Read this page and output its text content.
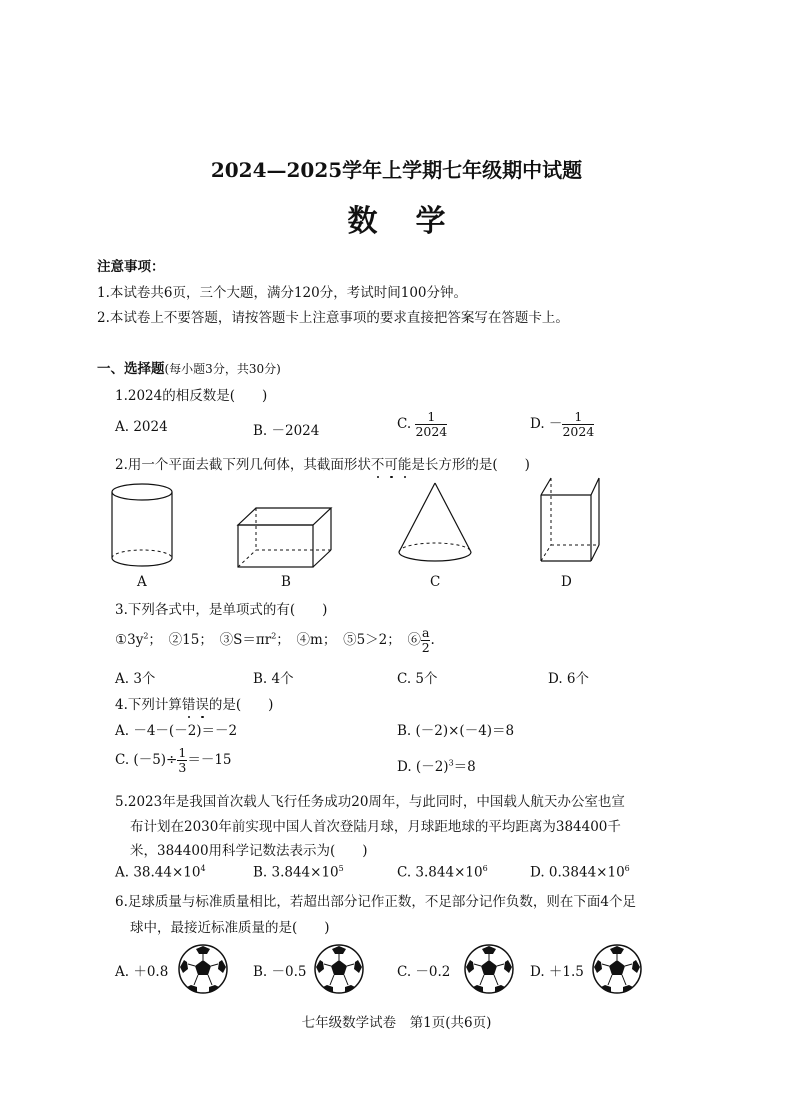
2024—2025学年上学期七年级期中试题
数学
注意事项：
1.本试卷共6页，三个大题，满分120分，考试时间100分钟。
2.本试卷上不要答题，请按答题卡上注意事项的要求直接把答案写在答题卡上。
一、选择题(每小题3分，共30分)
1.2024的相反数是(　　)
A. 2024	B. －2024	C. $\frac{1}{2024}$	D. － $\frac{1}{2024}$
2.用一个平面去截下列几何体，其截面形状不可能是长方形的是(　　)
A	B	C	D
3.下列各式中，是单项式的有(　　)
$①3y^2$；　②15；　$③S=\pi r^2$；　④m；　⑤5＞2；　⑥ $\frac{a}{2}$ .
A. 3个	B. 4个	C. 5个	D. 6个
4.下列计算错误的是(　　)
A. －4－(－2)＝－2	B. (－2)×(－4)＝8
C. $(-5)\div \frac{1}{3} =-15$	D. $(-2)^3=8$
5.2023年是我国首次载人飞行任务成功20周年，与此同时，中国载人航天办公室也宣
布计划在2030年前实现中国人首次登陆月球，月球距地球的平均距离为384400千
米，384400用科学记数法表示为(　　)
A. $38.44\times 10^4$	B. $3.844\times 10^5$	C. $3.844\times 10^6$	D. $0.3844\times 10^6$
6.足球质量与标准质量相比，若超出部分记作正数，不足部分记作负数，则在下面4个足
球中，最接近标准质量的是(　　)
A. ＋0.8	B. －0.5	C. －0.2	D. ＋1.5
七年级数学试卷　第1页(共6页)
